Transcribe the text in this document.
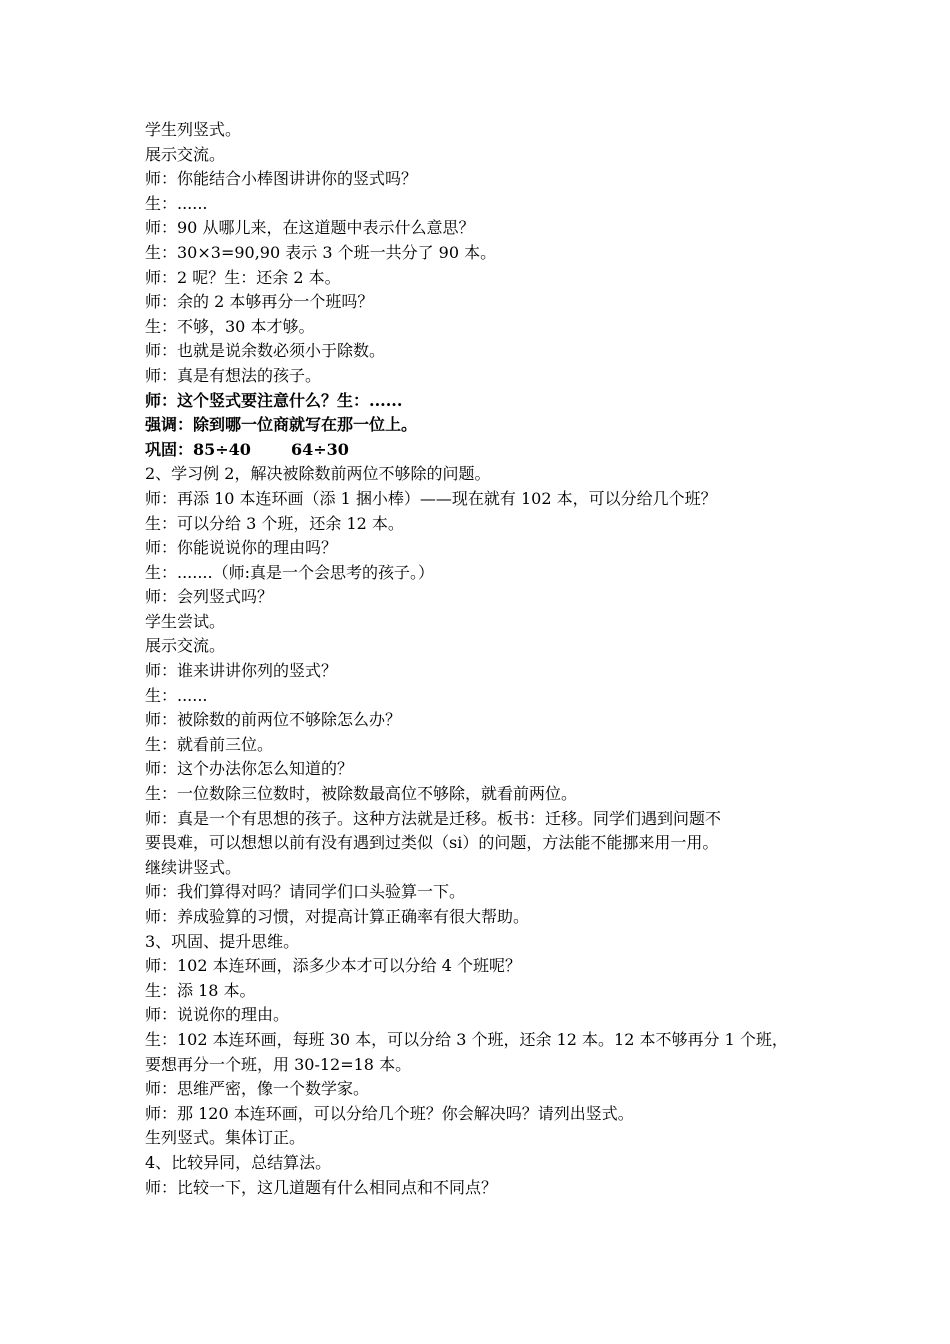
学生列竖式。
展示交流。
师：你能结合小棒图讲讲你的竖式吗？
生：......
师：90 从哪儿来，在这道题中表示什么意思？
生：30×3=90,90 表示 3 个班一共分了 90 本。
师：2 呢？生：还余 2 本。
师：余的 2 本够再分一个班吗？
生：不够，30 本才够。
师：也就是说余数必须小于除数。
师：真是有想法的孩子。
师：这个竖式要注意什么？生：......
强调：除到哪一位商就写在那一位上。
巩固：85÷40	64÷30
2、学习例 2，解决被除数前两位不够除的问题。
师：再添 10 本连环画（添 1 捆小棒）——现在就有 102 本，可以分给几个班？
生：可以分给 3 个班，还余 12 本。
师：你能说说你的理由吗？
生：.......（师:真是一个会思考的孩子。）
师：会列竖式吗？
学生尝试。
展示交流。
师：谁来讲讲你列的竖式？
生：......
师：被除数的前两位不够除怎么办？
生：就看前三位。
师：这个办法你怎么知道的？
生：一位数除三位数时，被除数最高位不够除，就看前两位。
师：真是一个有思想的孩子。这种方法就是迁移。板书：迁移。同学们遇到问题不
要畏难，可以想想以前有没有遇到过类似（si）的问题，方法能不能挪来用一用。
继续讲竖式。
师：我们算得对吗？请同学们口头验算一下。
师：养成验算的习惯，对提高计算正确率有很大帮助。
3、巩固、提升思维。
师：102 本连环画，添多少本才可以分给 4 个班呢？
生：添 18 本。
师：说说你的理由。
生：102 本连环画，每班 30 本，可以分给 3 个班，还余 12 本。12 本不够再分 1 个班，
要想再分一个班，用 30-12=18 本。
师：思维严密，像一个数学家。
师：那 120 本连环画，可以分给几个班？你会解决吗？请列出竖式。
生列竖式。集体订正。
4、比较异同，总结算法。
师：比较一下，这几道题有什么相同点和不同点？
